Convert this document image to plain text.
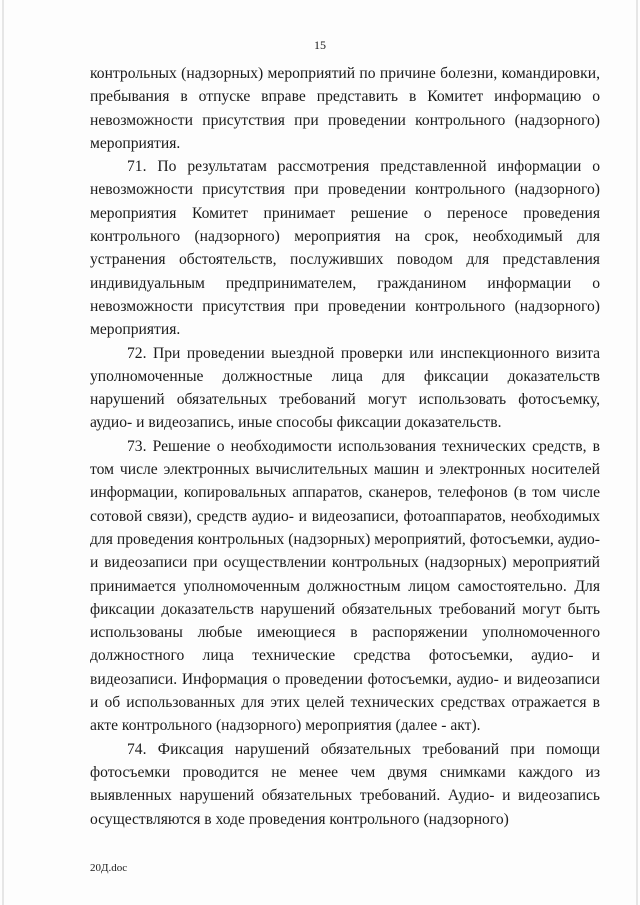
15

контрольных (надзорных) мероприятий по причине болезни, командировки, пребывания в отпуске вправе представить в Комитет информацию о невозможности присутствия при проведении контрольного (надзорного) мероприятия.

71. По результатам рассмотрения представленной информации о невозможности присутствия при проведении контрольного (надзорного) мероприятия Комитет принимает решение о переносе проведения контрольного (надзорного) мероприятия на срок, необходимый для устранения обстоятельств, послуживших поводом для представления индивидуальным предпринимателем, гражданином информации о невозможности присутствия при проведении контрольного (надзорного) мероприятия.

72. При проведении выездной проверки или инспекционного визита уполномоченные должностные лица для фиксации доказательств нарушений обязательных требований могут использовать фотосъемку, аудио- и видеозапись, иные способы фиксации доказательств.

73. Решение о необходимости использования технических средств, в том числе электронных вычислительных машин и электронных носителей информации, копировальных аппаратов, сканеров, телефонов (в том числе сотовой связи), средств аудио- и видеозаписи, фотоаппаратов, необходимых для проведения контрольных (надзорных) мероприятий, фотосъемки, аудио- и видеозаписи при осуществлении контрольных (надзорных) мероприятий принимается уполномоченным должностным лицом самостоятельно. Для фиксации доказательств нарушений обязательных требований могут быть использованы любые имеющиеся в распоряжении уполномоченного должностного лица технические средства фотосъемки, аудио- и видеозаписи. Информация о проведении фотосъемки, аудио- и видеозаписи и об использованных для этих целей технических средствах отражается в акте контрольного (надзорного) мероприятия (далее - акт).

74. Фиксация нарушений обязательных требований при помощи фотосъемки проводится не менее чем двумя снимками каждого из выявленных нарушений обязательных требований. Аудио- и видеозапись осуществляются в ходе проведения контрольного (надзорного)

20Д.doc
